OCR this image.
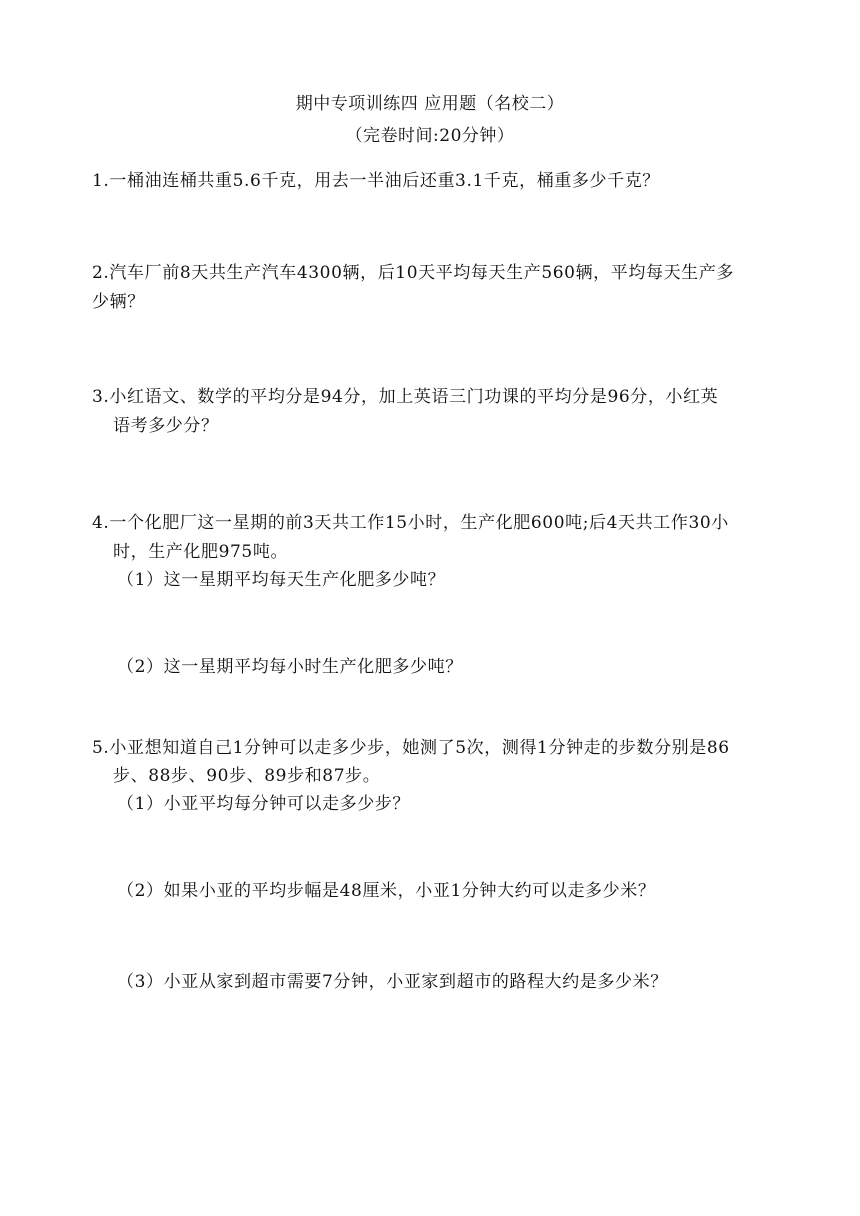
期中专项训练四 应用题（名校二）
（完卷时间:20分钟）
1.一桶油连桶共重5.6千克，用去一半油后还重3.1千克，桶重多少千克？
2.汽车厂前8天共生产汽车4300辆，后10天平均每天生产560辆，平均每天生产多
少辆？
3.小红语文、数学的平均分是94分，加上英语三门功课的平均分是96分，小红英
语考多少分？
4.一个化肥厂这一星期的前3天共工作15小时，生产化肥600吨;后4天共工作30小
时，生产化肥975吨。
（1）这一星期平均每天生产化肥多少吨？
（2）这一星期平均每小时生产化肥多少吨？
5.小亚想知道自己1分钟可以走多少步，她测了5次，测得1分钟走的步数分别是86
步、88步、90步、89步和87步。
（1）小亚平均每分钟可以走多少步？
（2）如果小亚的平均步幅是48厘米，小亚1分钟大约可以走多少米？
（3）小亚从家到超市需要7分钟，小亚家到超市的路程大约是多少米？
